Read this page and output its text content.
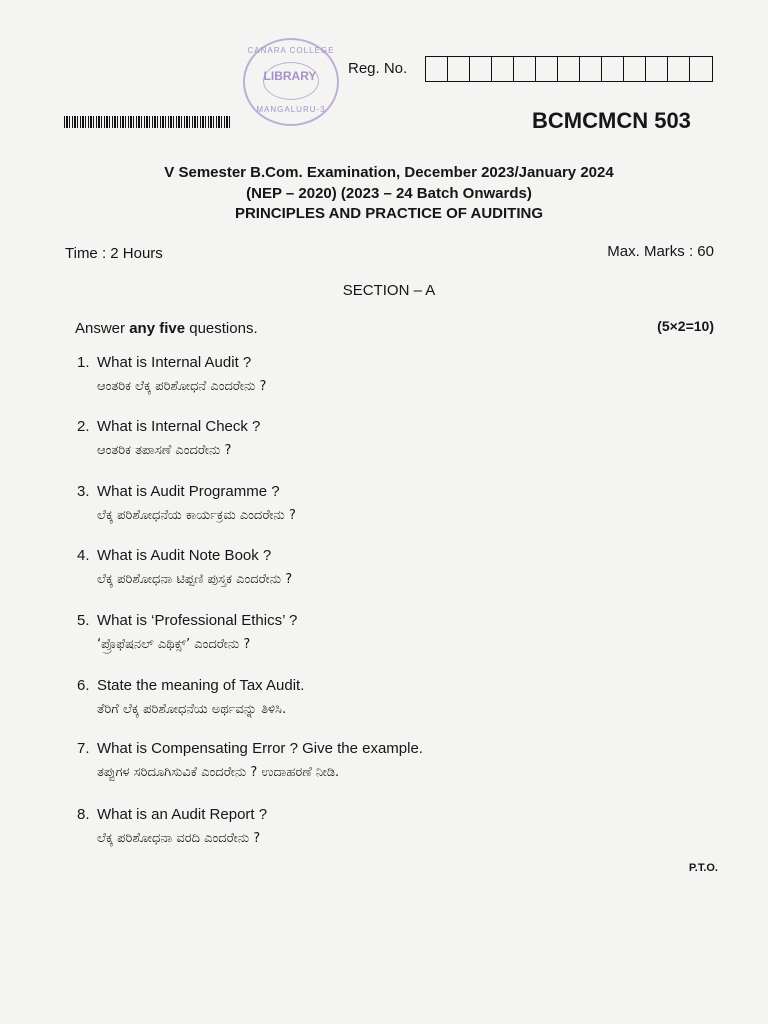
CANARA COLLEGE
LIBRARY
MANGALURU-3
Reg. No.
BCMCMCN 503
V Semester B.Com. Examination, December 2023/January 2024
(NEP – 2020) (2023 – 24 Batch Onwards)
PRINCIPLES AND PRACTICE OF AUDITING
Time : 2 Hours	Max. Marks : 60
SECTION – A
Answer any five questions.	(5×2=10)
1. What is Internal Audit ?
ಆಂತರಿಕ ಲೆಕ್ಕ ಪರಿಶೋಧನೆ ಎಂದರೇನು ?
2. What is Internal Check ?
ಆಂತರಿಕ ತಪಾಸಣೆ ಎಂದರೇನು ?
3. What is Audit Programme ?
ಲೆಕ್ಕ ಪರಿಶೋಧನೆಯ ಕಾರ್ಯಕ್ರಮ ಎಂದರೇನು ?
4. What is Audit Note Book ?
ಲೆಕ್ಕ ಪರಿಶೋಧನಾ ಟಿಪ್ಪಣಿ ಪುಸ್ತಕ ಎಂದರೇನು ?
5. What is ‘Professional Ethics’ ?
‘ಪ್ರೊಫೆಷನಲ್ ಎಥಿಕ್ಸ್’ ಎಂದರೇನು ?
6. State the meaning of Tax Audit.
ತೆರಿಗೆ ಲೆಕ್ಕ ಪರಿಶೋಧನೆಯ ಅರ್ಥವನ್ನು ತಿಳಿಸಿ.
7. What is Compensating Error ? Give the example.
ತಪ್ಪುಗಳ ಸರಿದೂಗಿಸುವಿಕೆ ಎಂದರೇನು ? ಉದಾಹರಣೆ ನೀಡಿ.
8. What is an Audit Report ?
ಲೆಕ್ಕ ಪರಿಶೋಧನಾ ವರದಿ ಎಂದರೇನು ?
P.T.O.
